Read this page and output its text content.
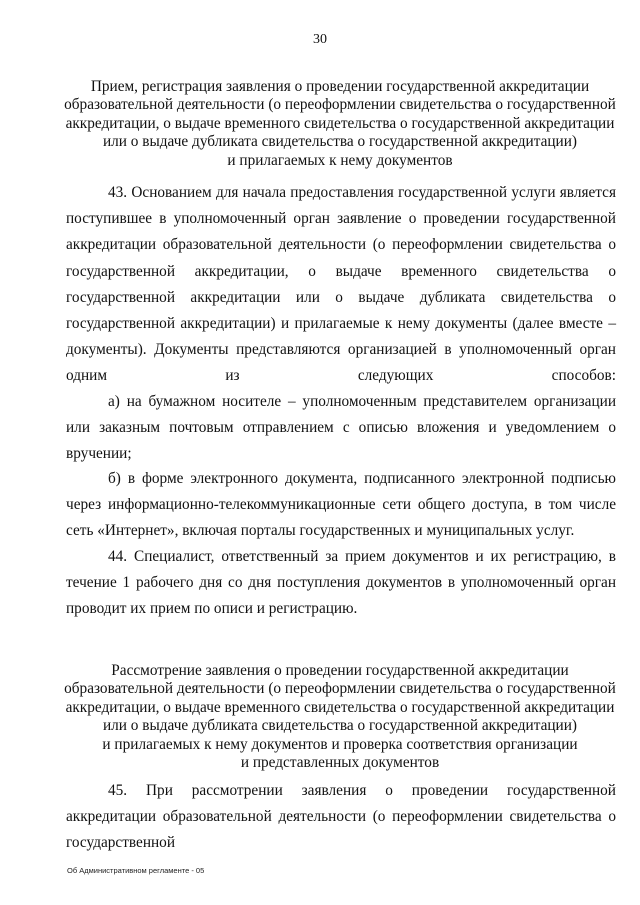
30
Прием, регистрация заявления о проведении государственной аккредитации
образовательной деятельности (о переоформлении свидетельства о государственной
аккредитации, о выдаче временного свидетельства о государственной аккредитации
или о выдаче дубликата свидетельства о государственной аккредитации)
и прилагаемых к нему документов
43. Основанием для начала предоставления государственной услуги является поступившее в уполномоченный орган заявление о проведении государственной аккредитации образовательной деятельности (о переоформлении свидетельства о государственной аккредитации, о выдаче временного свидетельства о государственной аккредитации или о выдаче дубликата свидетельства о государственной аккредитации) и прилагаемые к нему документы (далее вместе – документы). Документы представляются организацией в уполномоченный орган одним из следующих способов:
а) на бумажном носителе – уполномоченным представителем организации или заказным почтовым отправлением с описью вложения и уведомлением о вручении;
б) в форме электронного документа, подписанного электронной подписью через информационно-телекоммуникационные сети общего доступа, в том числе сеть «Интернет», включая порталы государственных и муниципальных услуг.
44. Специалист, ответственный за прием документов и их регистрацию, в течение 1 рабочего дня со дня поступления документов в уполномоченный орган проводит их прием по описи и регистрацию.
Рассмотрение заявления о проведении государственной аккредитации
образовательной деятельности (о переоформлении свидетельства о государственной
аккредитации, о выдаче временного свидетельства о государственной аккредитации
или о выдаче дубликата свидетельства о государственной аккредитации)
и прилагаемых к нему документов и проверка соответствия организации
и представленных документов
45. При рассмотрении заявления о проведении государственной аккредитации образовательной деятельности (о переоформлении свидетельства о государственной
Об Административном регламенте - 05
